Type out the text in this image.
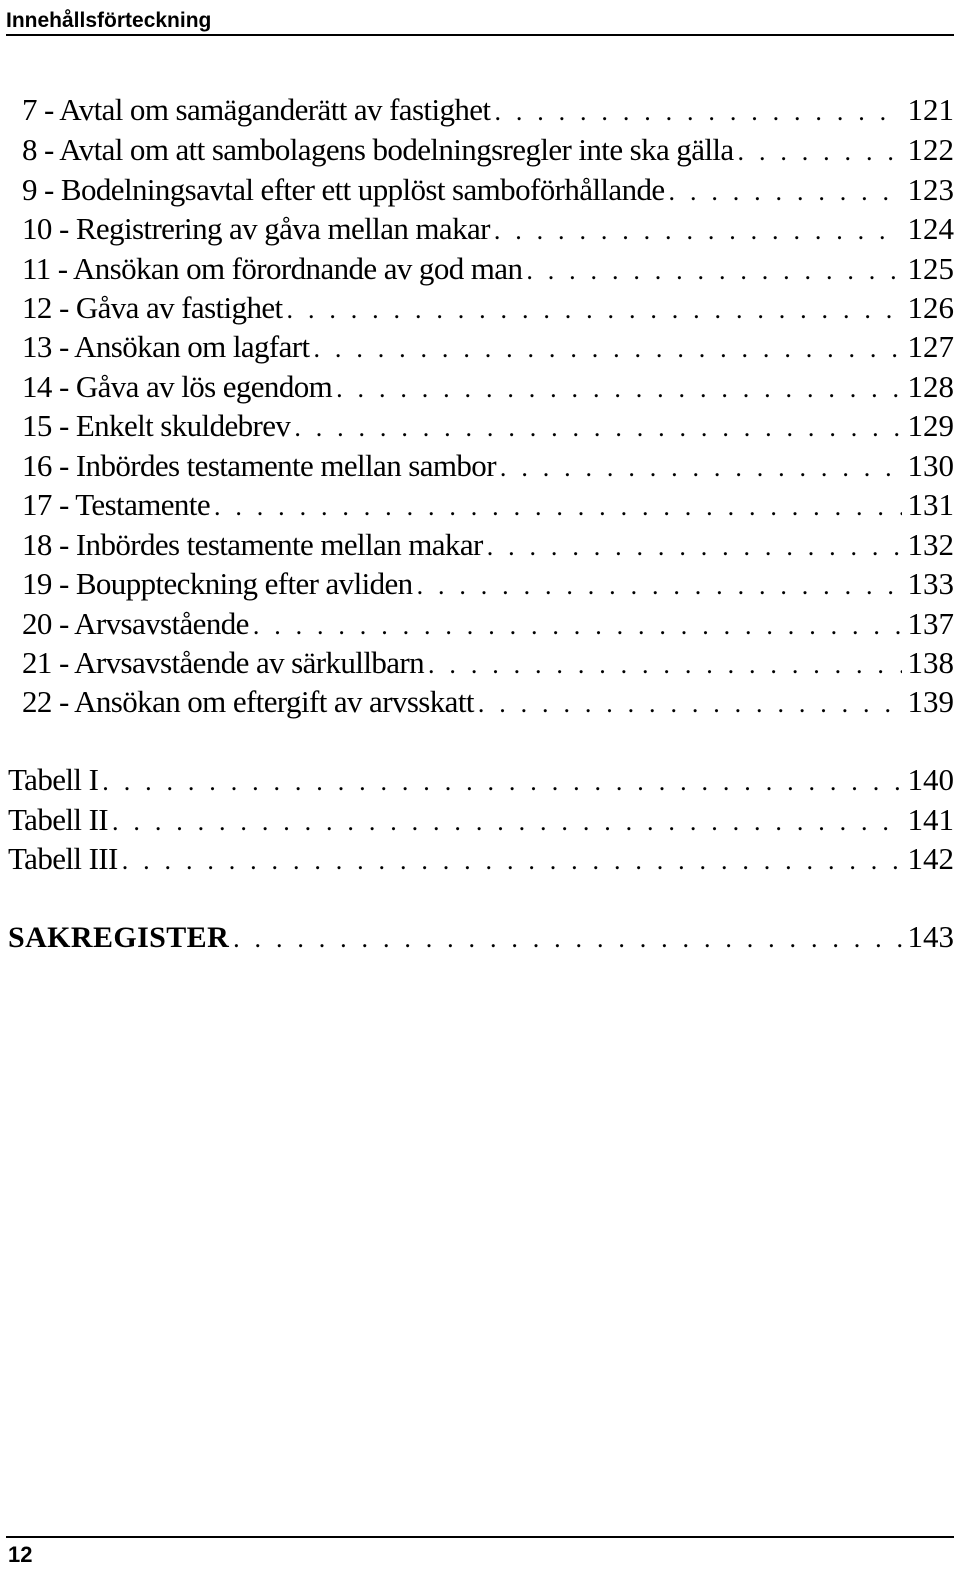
Innehållsförteckning
7 - Avtal om samäganderätt av fastighet . . .	121
8 - Avtal om att sambolagens bodelningsregler inte ska gälla . . .	122
9 - Bodelningsavtal efter ett upplöst samboförhållande . . .	123
10 - Registrering av gåva mellan makar . . .	124
11 - Ansökan om förordnande av god man . . .	125
12 - Gåva av fastighet . . .	126
13 - Ansökan om lagfart . . .	127
14 - Gåva av lös egendom . . .	128
15 - Enkelt skuldebrev . . .	129
16 - Inbördes testamente mellan sambor . . .	130
17 - Testamente . . .	131
18 - Inbördes testamente mellan makar . . .	132
19 - Bouppteckning efter avliden . . .	133
20 - Arvsavstående . . .	137
21 - Arvsavstående av särkullbarn . . .	138
22 - Ansökan om eftergift av arvsskatt . . .	139
Tabell I . . .	140
Tabell II . . .	141
Tabell III . . .	142
SAKREGISTER . . .	143
12
